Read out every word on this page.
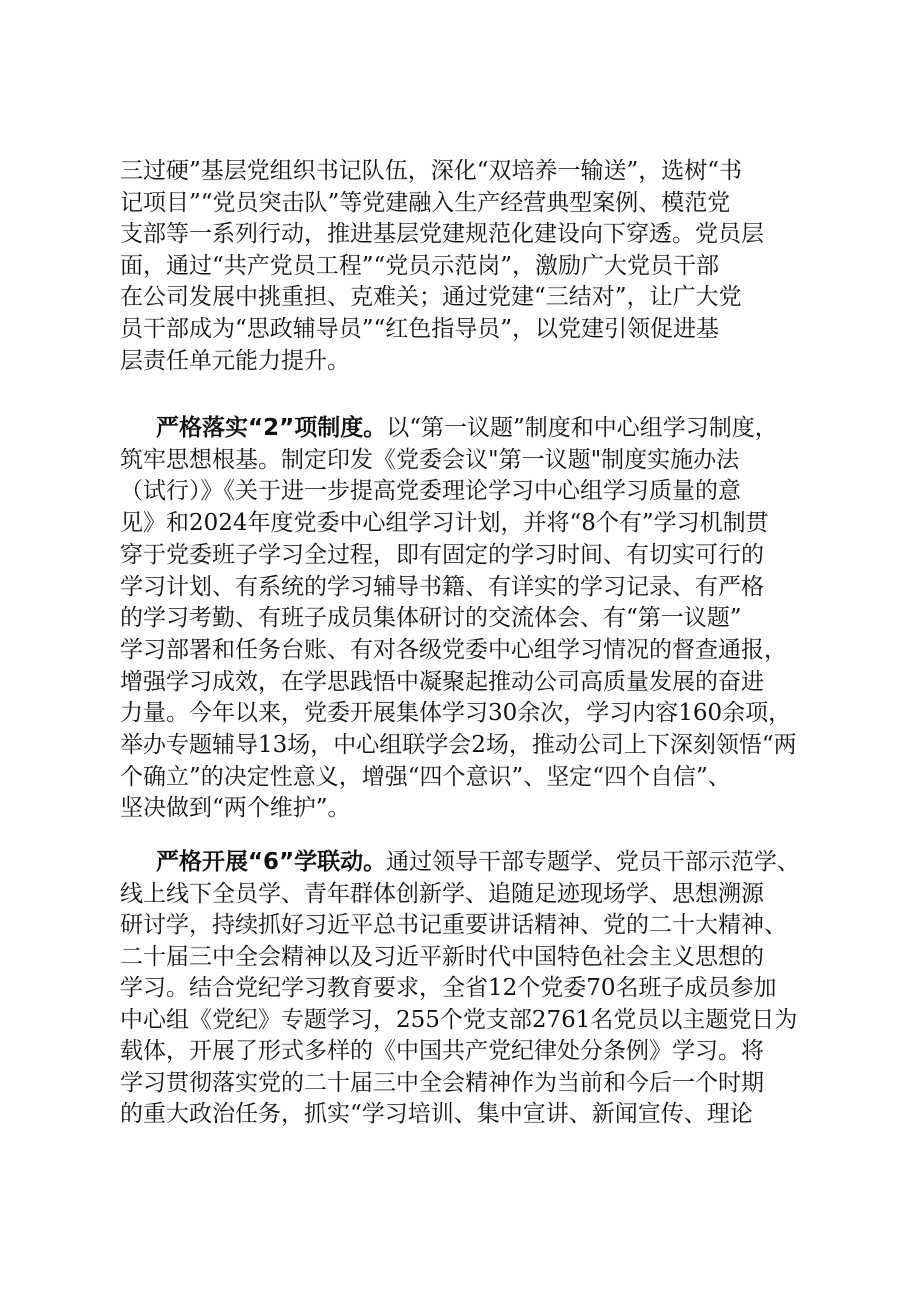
三过硬”基层党组织书记队伍，深化“双培养一输送”，选树“书
记项目”“党员突击队”等党建融入生产经营典型案例、模范党
支部等一系列行动，推进基层党建规范化建设向下穿透。党员层
面，通过“共产党员工程”“党员示范岗”，激励广大党员干部
在公司发展中挑重担、克难关；通过党建“三结对”，让广大党
员干部成为“思政辅导员”“红色指导员”，以党建引领促进基
层责任单元能力提升。
严格落实“2”项制度。以“第一议题”制度和中心组学习制度，
筑牢思想根基。制定印发《党委会议"第一议题"制度实施办法
（试行）》《关于进一步提高党委理论学习中心组学习质量的意
见》和2024年度党委中心组学习计划，并将“8个有”学习机制贯
穿于党委班子学习全过程，即有固定的学习时间、有切实可行的
学习计划、有系统的学习辅导书籍、有详实的学习记录、有严格
的学习考勤、有班子成员集体研讨的交流体会、有“第一议题”
学习部署和任务台账、有对各级党委中心组学习情况的督查通报，
增强学习成效，在学思践悟中凝聚起推动公司高质量发展的奋进
力量。今年以来，党委开展集体学习30余次，学习内容160余项，
举办专题辅导13场，中心组联学会2场，推动公司上下深刻领悟“两
个确立”的决定性意义，增强“四个意识”、坚定“四个自信”、
坚决做到“两个维护”。
严格开展“6”学联动。通过领导干部专题学、党员干部示范学、
线上线下全员学、青年群体创新学、追随足迹现场学、思想溯源
研讨学，持续抓好习近平总书记重要讲话精神、党的二十大精神、
二十届三中全会精神以及习近平新时代中国特色社会主义思想的
学习。结合党纪学习教育要求，全省12个党委70名班子成员参加
中心组《党纪》专题学习，255个党支部2761名党员以主题党日为
载体，开展了形式多样的《中国共产党纪律处分条例》学习。将
学习贯彻落实党的二十届三中全会精神作为当前和今后一个时期
的重大政治任务，抓实“学习培训、集中宣讲、新闻宣传、理论
